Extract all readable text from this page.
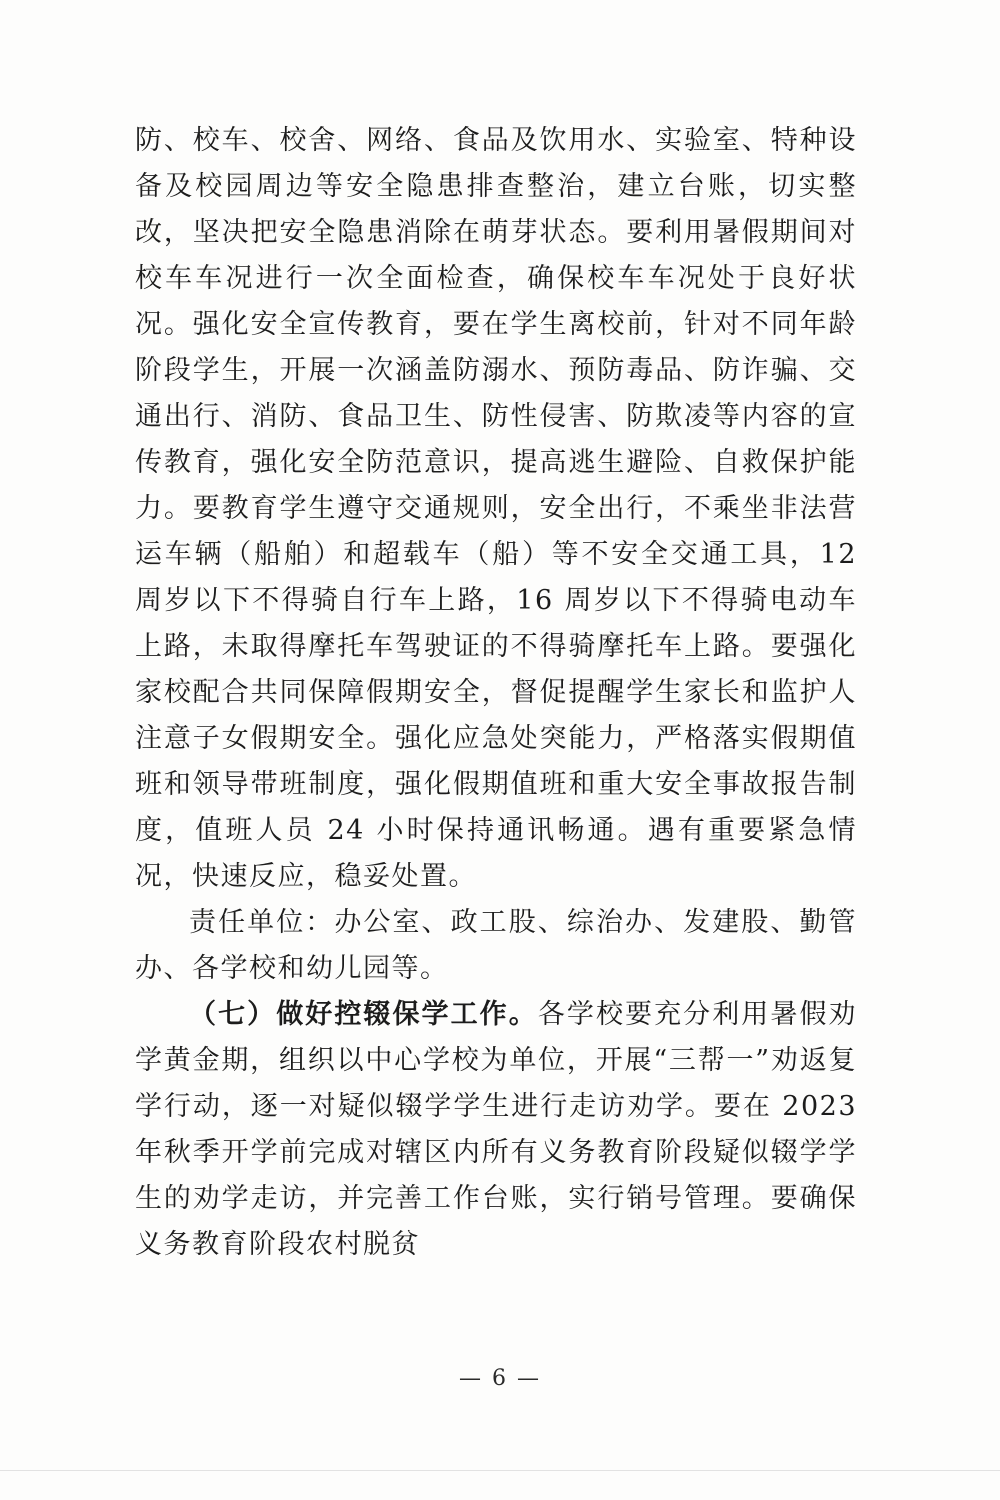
防、校车、校舍、网络、食品及饮用水、实验室、特种设备及校园周边等安全隐患排查整治，建立台账，切实整改，坚决把安全隐患消除在萌芽状态。要利用暑假期间对校车车况进行一次全面检查，确保校车车况处于良好状况。强化安全宣传教育，要在学生离校前，针对不同年龄阶段学生，开展一次涵盖防溺水、预防毒品、防诈骗、交通出行、消防、食品卫生、防性侵害、防欺凌等内容的宣传教育，强化安全防范意识，提高逃生避险、自救保护能力。要教育学生遵守交通规则，安全出行，不乘坐非法营运车辆（船舶）和超载车（船）等不安全交通工具，12 周岁以下不得骑自行车上路，16 周岁以下不得骑电动车上路，未取得摩托车驾驶证的不得骑摩托车上路。要强化家校配合共同保障假期安全，督促提醒学生家长和监护人注意子女假期安全。强化应急处突能力，严格落实假期值班和领导带班制度，强化假期值班和重大安全事故报告制度，值班人员 24 小时保持通讯畅通。遇有重要紧急情况，快速反应，稳妥处置。

责任单位：办公室、政工股、综治办、发建股、勤管办、各学校和幼儿园等。

（七）做好控辍保学工作。各学校要充分利用暑假劝学黄金期，组织以中心学校为单位，开展“三帮一”劝返复学行动，逐一对疑似辍学学生进行走访劝学。要在 2023 年秋季开学前完成对辖区内所有义务教育阶段疑似辍学学生的劝学走访，并完善工作台账，实行销号管理。要确保义务教育阶段农村脱贫

— 6 —
